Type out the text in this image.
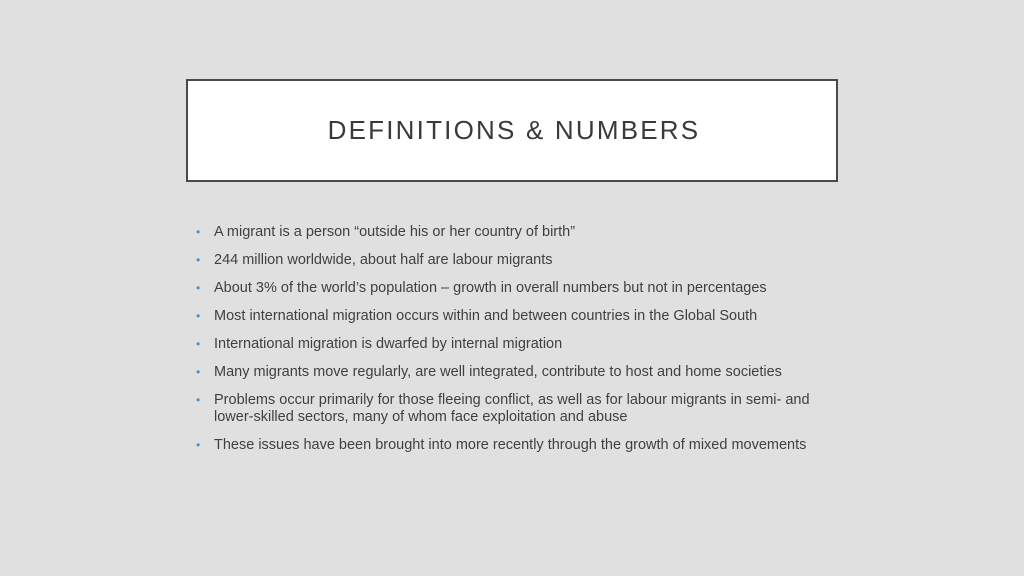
DEFINITIONS & NUMBERS
• A migrant is a person “outside his or her country of birth”
• 244 million worldwide, about half are labour migrants
• About 3% of the world’s population – growth in overall numbers but not in percentages
• Most international migration occurs within and between countries in the Global South
• International migration is dwarfed by internal migration
• Many migrants move regularly, are well integrated, contribute to host and home societies
• Problems occur primarily for those fleeing conflict, as well as for labour migrants in semi- and lower-skilled sectors, many of whom face exploitation and abuse
• These issues have been brought into more recently through the growth of mixed movements
